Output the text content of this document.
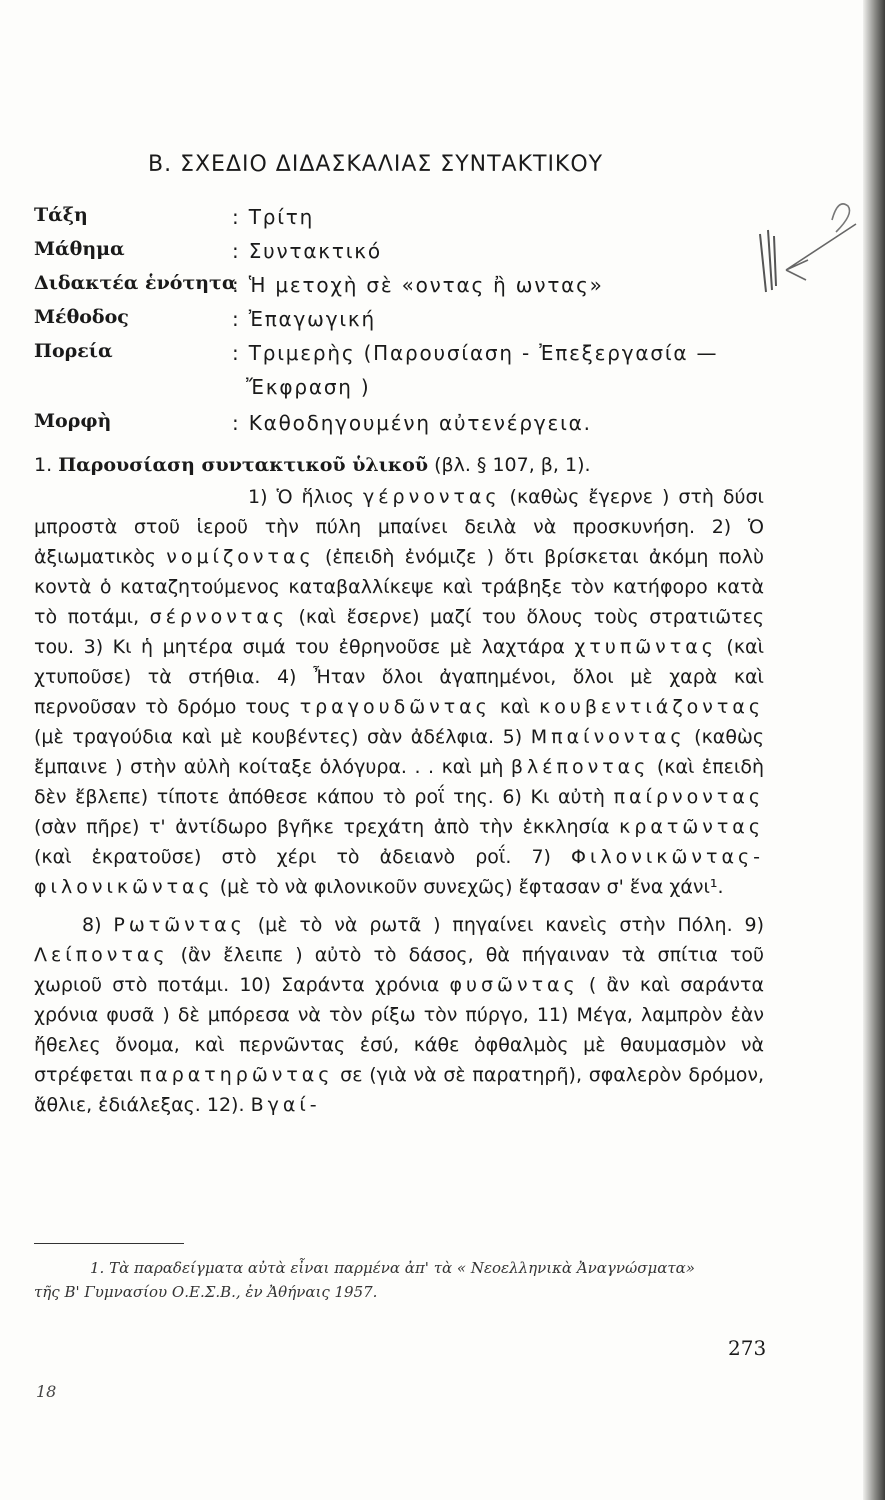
Β. ΣΧΕΔΙΟ ΔΙΔΑΣΚΑΛΙΑΣ ΣΥΝΤΑΚΤΙΚΟΥ
Τάξη	: Τρίτη
Μάθημα	: Συντακτικό
Διδακτέα ἑνότητα
: Ἡ μετοχὴ σὲ «οντας ἢ ωντας»
Μέθοδος	: Ἐπαγωγική
Πορεία	: Τριμερὴς (Παρουσίαση - Ἐπεξεργασία —
Ἔκφραση )
Μορφὴ	: Καθοδηγουμένη αὐτενέργεια.
1. Παρουσίαση συντακτικοῦ ὑλικοῦ (βλ. § 107, β, 1).

1) Ὁ ἥλιος γέρνοντας (καθὼς ἔγερνε ) στὴ δύσι μπροστὰ στοῦ ἱεροῦ τὴν πύλη μπαίνει δειλὰ νὰ προσκυνήση. 2) Ὁ ἀξιωματικὸς νομίζοντας (ἐπειδὴ ἐνόμιζε ) ὅτι βρίσκεται ἀκόμη πολὺ κοντὰ ὁ καταζητούμενος καταβαλλίκεψε καὶ τράβηξε τὸν κατήφορο κατὰ τὸ ποτάμι, σέρνοντας (καὶ ἔσερνε) μαζί του ὅλους τοὺς στρατιῶτες του. 3) Κι ἡ μητέρα σιμά του ἐθρηνοῦσε μὲ λαχτάρα χτυπῶντας (καὶ χτυποῦσε) τὰ στήθια. 4) Ἦταν ὅλοι ἀγαπημένοι, ὅλοι μὲ χαρὰ καὶ περνοῦσαν τὸ δρόμο τους τραγουδῶντας καὶ κουβεντιάζοντας (μὲ τραγούδια καὶ μὲ κουβέντες) σὰν ἀδέλφια. 5) Μπαίνοντας (καθὼς ἔμπαινε ) στὴν αὐλὴ κοίταξε ὁλόγυρα. . . καὶ μὴ βλέποντας (καὶ ἐπειδὴ δὲν ἔβλεπε) τίποτε ἀπόθεσε κάπου τὸ ροΐ της. 6) Κι αὐτὴ παίρνοντας (σὰν πῆρε) τ' ἀντίδωρο βγῆκε τρεχάτη ἀπὸ τὴν ἐκκλησία κρατῶντας (καὶ ἐκρατοῦσε) στὸ χέρι τὸ ἀδειανὸ ροΐ. 7) Φιλονικῶντας-φιλονικῶντας (μὲ τὸ νὰ φιλονικοῦν συνεχῶς) ἔφτασαν σ' ἕνα χάνι¹.

8) Ρωτῶντας (μὲ τὸ νὰ ρωτᾶ ) πηγαίνει κανεὶς στὴν Πόλη. 9) Λείποντας (ἂν ἔλειπε ) αὐτὸ τὸ δάσος, θὰ πήγαιναν τὰ σπίτια τοῦ χωριοῦ στὸ ποτάμι. 10) Σαράντα χρόνια φυσῶντας ( ἂν καὶ σαράντα χρόνια φυσᾶ ) δὲ μπόρεσα νὰ τὸν ρίξω τὸν πύργο, 11) Μέγα, λαμπρὸν ἐὰν ἤθελες ὄνομα, καὶ περνῶντας ἐσύ, κάθε ὀφθαλμὸς μὲ θαυμασμὸν νὰ στρέφεται παρατηρῶντας σε (γιὰ νὰ σὲ παρατηρῆ), σφαλερὸν δρόμον, ἄθλιε, ἐδιάλεξας. 12). Βγαί-

1. Τὰ παραδείγματα αὐτὰ εἶναι παρμένα ἀπ' τὰ « Νεοελληνικὰ Ἀναγνώσματα»
τῆς Β' Γυμνασίου Ο.Ε.Σ.Β., ἐν Ἀθήναις 1957.
273
18
